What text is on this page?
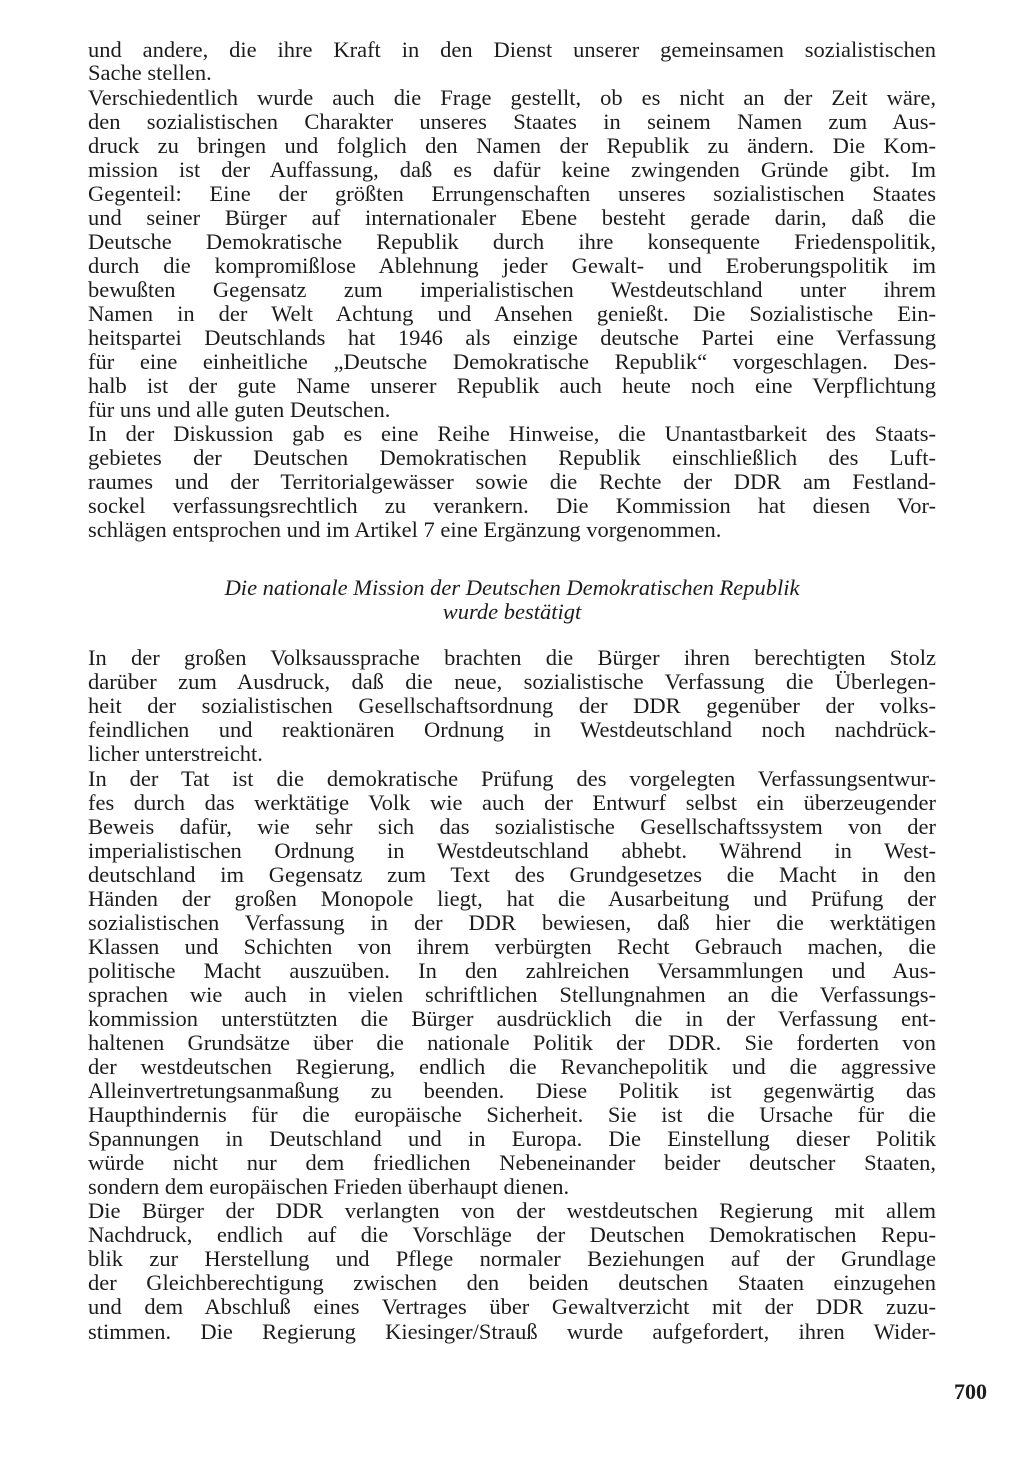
und andere, die ihre Kraft in den Dienst unserer gemeinsamen sozialistischen

Sache stellen.

Verschiedentlich wurde auch die Frage gestellt, ob es nicht an der Zeit wäre,

den sozialistischen Charakter unseres Staates in seinem Namen zum Aus-

druck zu bringen und folglich den Namen der Republik zu ändern. Die Kom-

mission ist der Auffassung, daß es dafür keine zwingenden Gründe gibt. Im

Gegenteil: Eine der größten Errungenschaften unseres sozialistischen Staates

und seiner Bürger auf internationaler Ebene besteht gerade darin, daß die

Deutsche Demokratische Republik durch ihre konsequente Friedenspolitik,

durch die kompromißlose Ablehnung jeder Gewalt- und Eroberungspolitik im

bewußten Gegensatz zum imperialistischen Westdeutschland unter ihrem

Namen in der Welt Achtung und Ansehen genießt. Die Sozialistische Ein-

heitspartei Deutschlands hat 1946 als einzige deutsche Partei eine Verfassung

für eine einheitliche „Deutsche Demokratische Republik“ vorgeschlagen. Des-

halb ist der gute Name unserer Republik auch heute noch eine Verpflichtung

für uns und alle guten Deutschen.

In der Diskussion gab es eine Reihe Hinweise, die Unantastbarkeit des Staats-

gebietes der Deutschen Demokratischen Republik einschließlich des Luft-

raumes und der Territorialgewässer sowie die Rechte der DDR am Festland-

sockel verfassungsrechtlich zu verankern. Die Kommission hat diesen Vor-

schlägen entsprochen und im Artikel 7 eine Ergänzung vorgenommen.

Die nationale Mission der Deutschen Demokratischen Republik

wurde bestätigt

In der großen Volksaussprache brachten die Bürger ihren berechtigten Stolz

darüber zum Ausdruck, daß die neue, sozialistische Verfassung die Überlegen-

heit der sozialistischen Gesellschaftsordnung der DDR gegenüber der volks-

feindlichen und reaktionären Ordnung in Westdeutschland noch nachdrück-

licher unterstreicht.

In der Tat ist die demokratische Prüfung des vorgelegten Verfassungsentwur-

fes durch das werktätige Volk wie auch der Entwurf selbst ein überzeugender

Beweis dafür, wie sehr sich das sozialistische Gesellschaftssystem von der

imperialistischen Ordnung in Westdeutschland abhebt. Während in West-

deutschland im Gegensatz zum Text des Grundgesetzes die Macht in den

Händen der großen Monopole liegt, hat die Ausarbeitung und Prüfung der

sozialistischen Verfassung in der DDR bewiesen, daß hier die werktätigen

Klassen und Schichten von ihrem verbürgten Recht Gebrauch machen, die

politische Macht auszuüben. In den zahlreichen Versammlungen und Aus-

sprachen wie auch in vielen schriftlichen Stellungnahmen an die Verfassungs-

kommission unterstützten die Bürger ausdrücklich die in der Verfassung ent-

haltenen Grundsätze über die nationale Politik der DDR. Sie forderten von

der westdeutschen Regierung, endlich die Revanchepolitik und die aggressive

Alleinvertretungsanmaßung zu beenden. Diese Politik ist gegenwärtig das

Haupthindernis für die europäische Sicherheit. Sie ist die Ursache für die

Spannungen in Deutschland und in Europa. Die Einstellung dieser Politik

würde nicht nur dem friedlichen Nebeneinander beider deutscher Staaten,

sondern dem europäischen Frieden überhaupt dienen.

Die Bürger der DDR verlangten von der westdeutschen Regierung mit allem

Nachdruck, endlich auf die Vorschläge der Deutschen Demokratischen Repu-

blik zur Herstellung und Pflege normaler Beziehungen auf der Grundlage

der Gleichberechtigung zwischen den beiden deutschen Staaten einzugehen

und dem Abschluß eines Vertrages über Gewaltverzicht mit der DDR zuzu-

stimmen. Die Regierung Kiesinger/Strauß wurde aufgefordert, ihren Wider-

700
